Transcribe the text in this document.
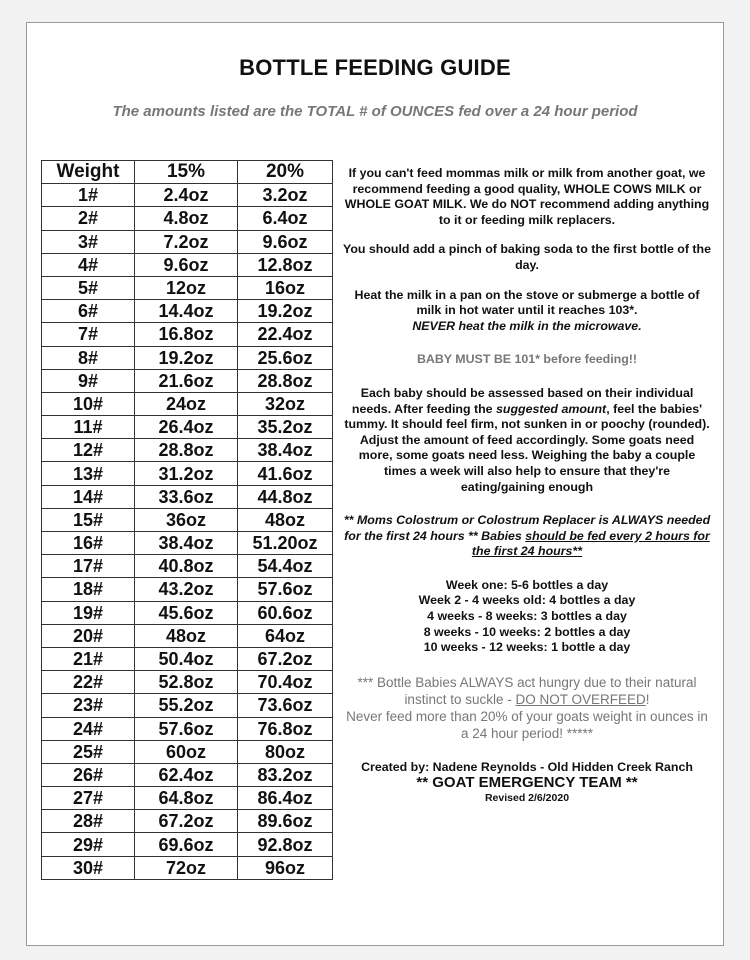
BOTTLE FEEDING GUIDE
The amounts listed are the TOTAL # of OUNCES fed over a 24 hour period
Weight	15%	20%
1#	2.4oz	3.2oz
2#	4.8oz	6.4oz
3#	7.2oz	9.6oz
4#	9.6oz	12.8oz
5#	12oz	16oz
6#	14.4oz	19.2oz
7#	16.8oz	22.4oz
8#	19.2oz	25.6oz
9#	21.6oz	28.8oz
10#	24oz	32oz
11#	26.4oz	35.2oz
12#	28.8oz	38.4oz
13#	31.2oz	41.6oz
14#	33.6oz	44.8oz
15#	36oz	48oz
16#	38.4oz	51.20oz
17#	40.8oz	54.4oz
18#	43.2oz	57.6oz
19#	45.6oz	60.6oz
20#	48oz	64oz
21#	50.4oz	67.2oz
22#	52.8oz	70.4oz
23#	55.2oz	73.6oz
24#	57.6oz	76.8oz
25#	60oz	80oz
26#	62.4oz	83.2oz
27#	64.8oz	86.4oz
28#	67.2oz	89.6oz
29#	69.6oz	92.8oz
30#	72oz	96oz

If you can't feed mommas milk or milk from another goat, we recommend feeding a good quality, WHOLE COWS MILK or WHOLE GOAT MILK. We do NOT recommend adding anything to it or feeding milk replacers.

You should add a pinch of baking soda to the first bottle of the day.

Heat the milk in a pan on the stove or submerge a bottle of milk in hot water until it reaches 103*.

NEVER heat the milk in the microwave.

BABY MUST BE 101* before feeding!!

Each baby should be assessed based on their individual needs. After feeding the suggested amount, feel the babies' tummy. It should feel firm, not sunken in or poochy (rounded). Adjust the amount of feed accordingly. Some goats need more, some goats need less. Weighing the baby a couple times a week will also help to ensure that they're eating/gaining enough

** Moms Colostrum or Colostrum Replacer is ALWAYS needed for the first 24 hours ** Babies should be fed every 2 hours for the first 24 hours**

Week one: 5-6 bottles a day

Week 2 - 4 weeks old: 4 bottles a day

4 weeks - 8 weeks: 3 bottles a day

8 weeks - 10 weeks: 2 bottles a day

10 weeks - 12 weeks: 1 bottle a day

*** Bottle Babies ALWAYS act hungry due to their natural instinct to suckle - DO NOT OVERFEED!

Never feed more than 20% of your goats weight in ounces in a 24 hour period! *****

Created by: Nadene Reynolds - Old Hidden Creek Ranch

** GOAT EMERGENCY TEAM **

Revised 2/6/2020
